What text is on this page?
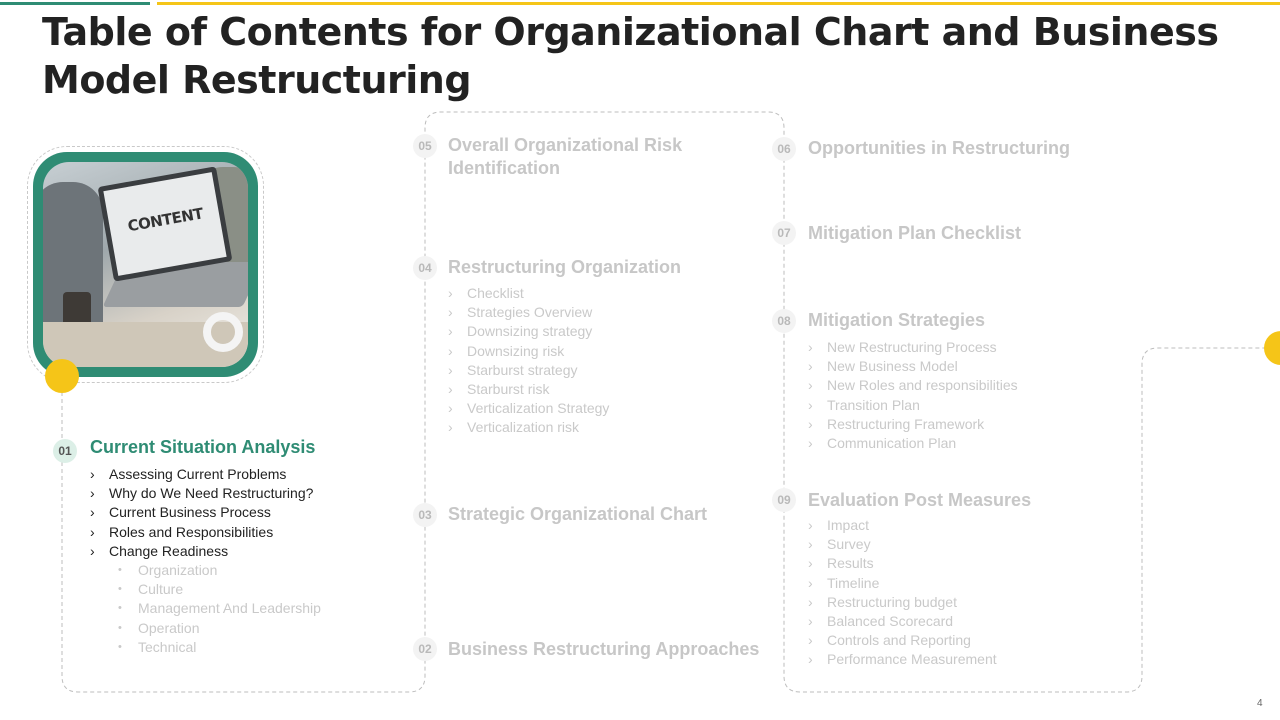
Table of Contents for Organizational Chart and Business Model Restructuring
CONTENT
01 Current Situation Analysis
› Assessing Current Problems
› Why do We Need Restructuring?
› Current Business Process
› Roles and Responsibilities
› Change Readiness
• Organization
• Culture
• Management And Leadership
• Operation
• Technical	02 Business Restructuring Approaches
03 Strategic Organizational Chart
04 Restructuring Organization
› Checklist
› Strategies Overview
› Downsizing strategy
› Downsizing risk
› Starburst strategy
› Starburst risk
› Verticalization Strategy
› Verticalization risk
05 Overall Organizational Risk Identification
06 Opportunities in Restructuring
07 Mitigation Plan Checklist
08 Mitigation Strategies
› New Restructuring Process
› New Business Model
› New Roles and responsibilities
› Transition Plan
› Restructuring Framework
› Communication Plan
09 Evaluation Post Measures
› Impact
› Survey
› Results
› Timeline
› Restructuring budget
› Balanced Scorecard
› Controls and Reporting
› Performance Measurement
4
